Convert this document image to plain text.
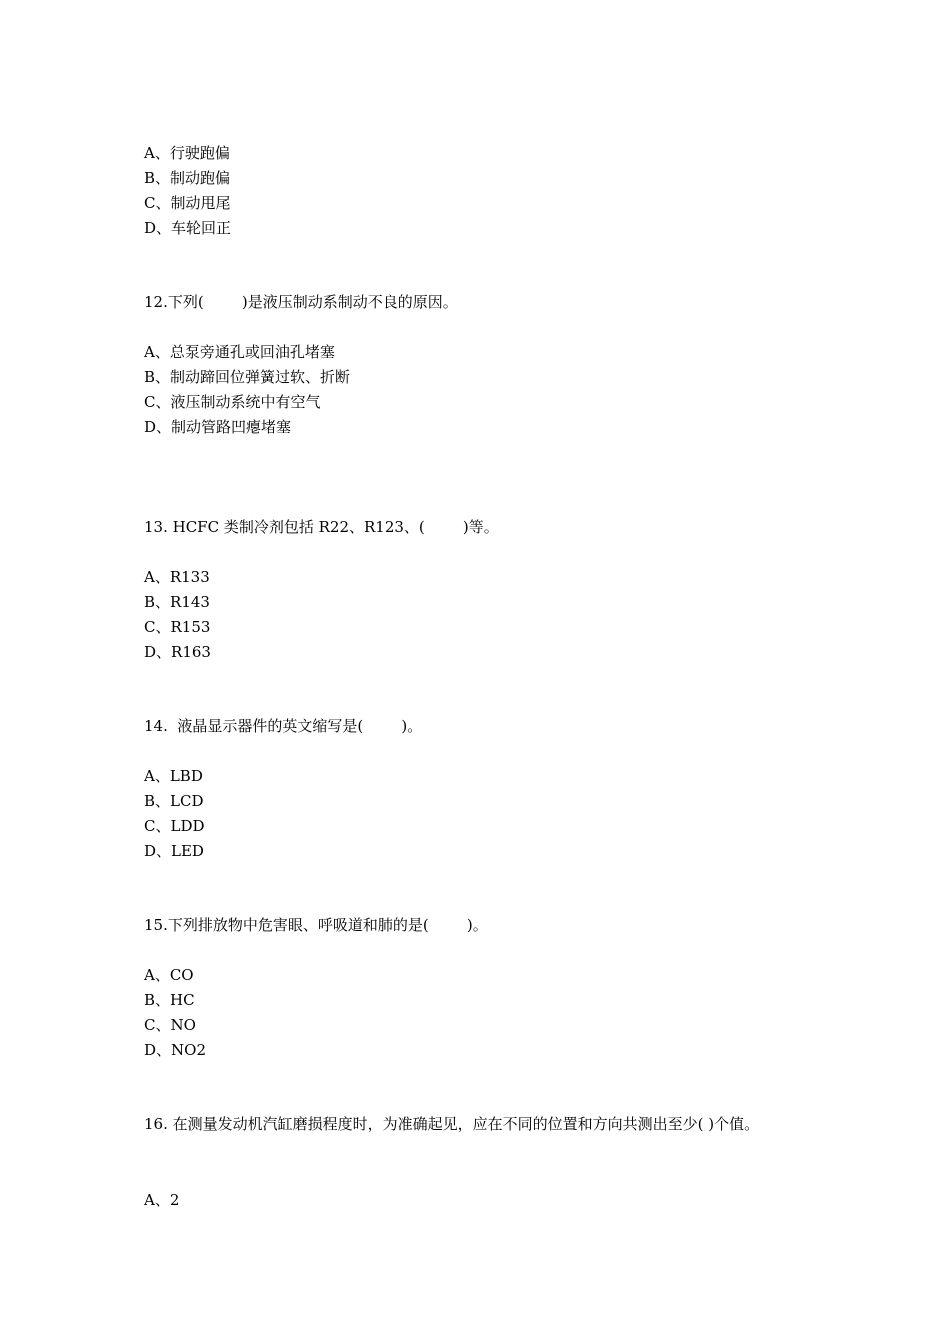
A、行驶跑偏
B、制动跑偏
C、制动甩尾
D、车轮回正
12.下列(        )是液压制动系制动不良的原因。
A、总泵旁通孔或回油孔堵塞
B、制动蹄回位弹簧过软、折断
C、液压制动系统中有空气
D、制动管路凹瘪堵塞
13. HCFC 类制冷剂包括 R22、R123、(        )等。
A、R133
B、R143
C、R153
D、R163
14.  液晶显示器件的英文缩写是(        )。
A、LBD
B、LCD
C、LDD
D、LED
15.下列排放物中危害眼、呼吸道和肺的是(        )。
A、CO
B、HC
C、NO
D、NO2
16. 在测量发动机汽缸磨损程度时，为准确起见，应在不同的位置和方向共测出至少( )个值。
A、2
